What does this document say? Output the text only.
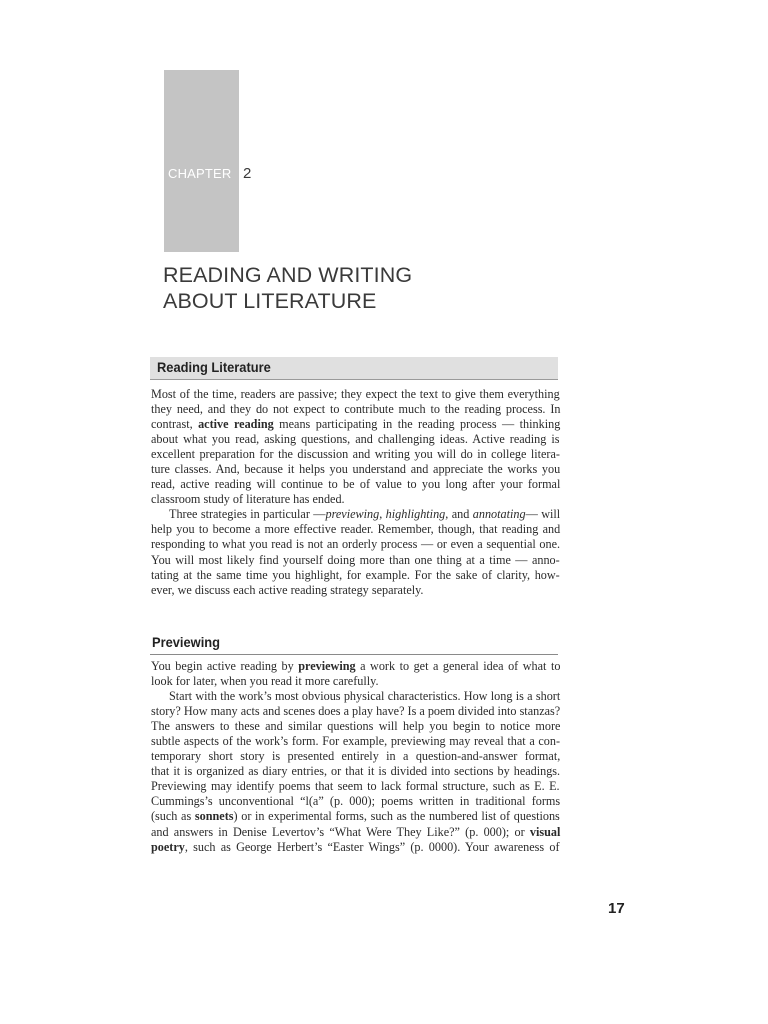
CHAPTER 2
READING AND WRITING
ABOUT LITERATURE
Reading Literature
Most of the time, readers are passive; they expect the text to give them everything
they need, and they do not expect to contribute much to the reading process. In
contrast, active reading means participating in the reading process — thinking
about what you read, asking questions, and challenging ideas. Active reading is
excellent preparation for the discussion and writing you will do in college litera-
ture classes. And, because it helps you understand and appreciate the works you
read, active reading will continue to be of value to you long after your formal
classroom study of literature has ended.
Three strategies in particular —previewing, highlighting, and annotating— will
help you to become a more effective reader. Remember, though, that reading and
responding to what you read is not an orderly process — or even a sequential one.
You will most likely find yourself doing more than one thing at a time — anno-
tating at the same time you highlight, for example. For the sake of clarity, how-
ever, we discuss each active reading strategy separately.
Previewing
You begin active reading by previewing a work to get a general idea of what to
look for later, when you read it more carefully.
Start with the work’s most obvious physical characteristics. How long is a short
story? How many acts and scenes does a play have? Is a poem divided into stanzas?
The answers to these and similar questions will help you begin to notice more
subtle aspects of the work’s form. For example, previewing may reveal that a con-
temporary short story is presented entirely in a question-and-answer format,
that it is organized as diary entries, or that it is divided into sections by headings.
Previewing may identify poems that seem to lack formal structure, such as E. E.
Cummings’s unconventional “l(a” (p. 000); poems written in traditional forms
(such as sonnets) or in experimental forms, such as the numbered list of questions
and answers in Denise Levertov’s “What Were They Like?” (p. 000); or visual
poetry, such as George Herbert’s “Easter Wings” (p. 0000). Your awareness of
17
